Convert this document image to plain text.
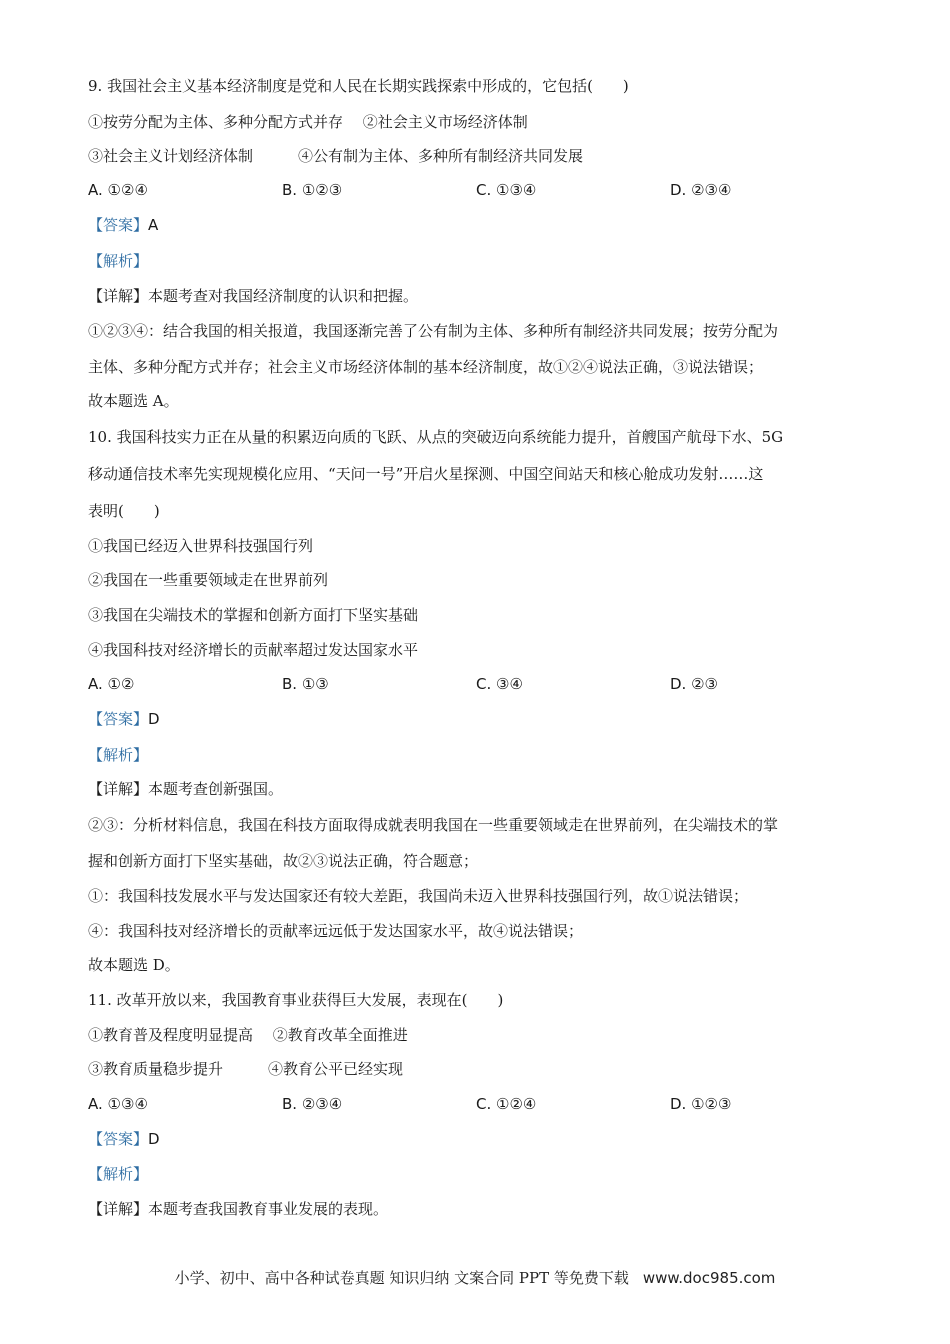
9. 我国社会主义基本经济制度是党和人民在长期实践探索中形成的，它包括(　　)
①按劳分配为主体、多种分配方式并存　 ②社会主义市场经济体制
③社会主义计划经济体制　　　④公有制为主体、多种所有制经济共同发展
A. ①②④	B. ①②③	C. ①③④	D. ②③④
【答案】A
【解析】
【详解】本题考查对我国经济制度的认识和把握。
①②③④：结合我国的相关报道，我国逐渐完善了公有制为主体、多种所有制经济共同发展；按劳分配为
主体、多种分配方式并存；社会主义市场经济体制的基本经济制度，故①②④说法正确，③说法错误；
故本题选 A。
10. 我国科技实力正在从量的积累迈向质的飞跃、从点的突破迈向系统能力提升，首艘国产航母下水、5G
移动通信技术率先实现规模化应用、“天问一号”开启火星探测、中国空间站天和核心舱成功发射……这
表明(　　)
①我国已经迈入世界科技强国行列
②我国在一些重要领域走在世界前列
③我国在尖端技术的掌握和创新方面打下坚实基础
④我国科技对经济增长的贡献率超过发达国家水平
A. ①②	B. ①③	C. ③④	D. ②③
【答案】D
【解析】
【详解】本题考查创新强国。
②③：分析材料信息，我国在科技方面取得成就表明我国在一些重要领域走在世界前列，在尖端技术的掌
握和创新方面打下坚实基础，故②③说法正确，符合题意；
①：我国科技发展水平与发达国家还有较大差距，我国尚未迈入世界科技强国行列，故①说法错误；
④：我国科技对经济增长的贡献率远远低于发达国家水平，故④说法错误；
故本题选 D。
11. 改革开放以来，我国教育事业获得巨大发展，表现在(　　)
①教育普及程度明显提高　 ②教育改革全面推进
③教育质量稳步提升　　　④教育公平已经实现
A. ①③④	B. ②③④	C. ①②④	D. ①②③
【答案】D
【解析】
【详解】本题考查我国教育事业发展的表现。
小学、初中、高中各种试卷真题 知识归纳 文案合同 PPT 等免费下载 www.doc985.com
